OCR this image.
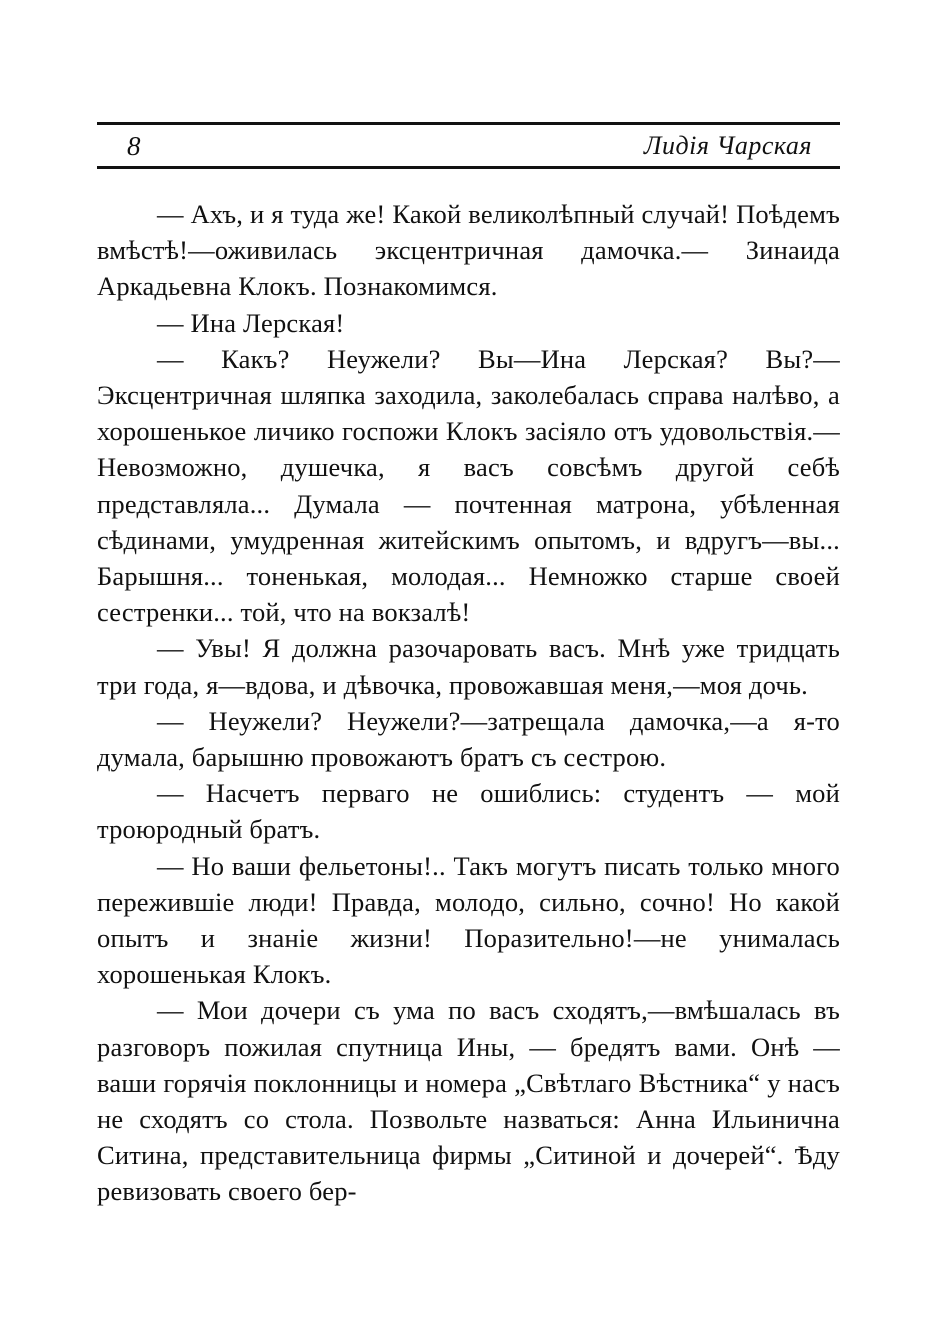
8	Лидія Чарская

— Ахъ, и я туда же! Какой великолѣпный случай! Поѣдемъ вмѣстѣ!—оживилась эксцентричная дамочка.— Зинаида Аркадьевна Клокъ. Познакомимся.

— Ина Лерская!

— Какъ? Неужели? Вы—Ина Лерская? Вы?—Эксцентричная шляпка заходила, заколебалась справа налѣво, а хорошенькое личико госпожи Клокъ засіяло отъ удовольствія.—Невозможно, душечка, я васъ совсѣмъ другой себѣ представляла... Думала — почтенная матрона, убѣленная сѣдинами, умудренная житейскимъ опытомъ, и вдругъ—вы... Барышня... тоненькая, молодая... Немножко старше своей сестренки... той, что на вокзалѣ!

— Увы! Я должна разочаровать васъ. Мнѣ уже тридцать три года, я—вдова, и дѣвочка, провожавшая меня,—моя дочь.

— Неужели? Неужели?—затрещала дамочка,—а я-то думала, барышню провожаютъ братъ съ сестрою.

— Насчетъ перваго не ошиблись: студентъ — мой троюродный братъ.

— Но ваши фельетоны!.. Такъ могутъ писать только много пережившіе люди! Правда, молодо, сильно, сочно! Но какой опытъ и знаніе жизни! Поразительно!—не унималась хорошенькая Клокъ.

— Мои дочери съ ума по васъ сходятъ,—вмѣшалась въ разговоръ пожилая спутница Ины, — бредятъ вами. Онѣ — ваши горячія поклонницы и номера „Свѣтлаго Вѣстника“ у насъ не сходятъ со стола. Позвольте назваться: Анна Ильинична Ситина, представительница фирмы „Ситиной и дочерей“. Ѣду ревизовать своего бер-
